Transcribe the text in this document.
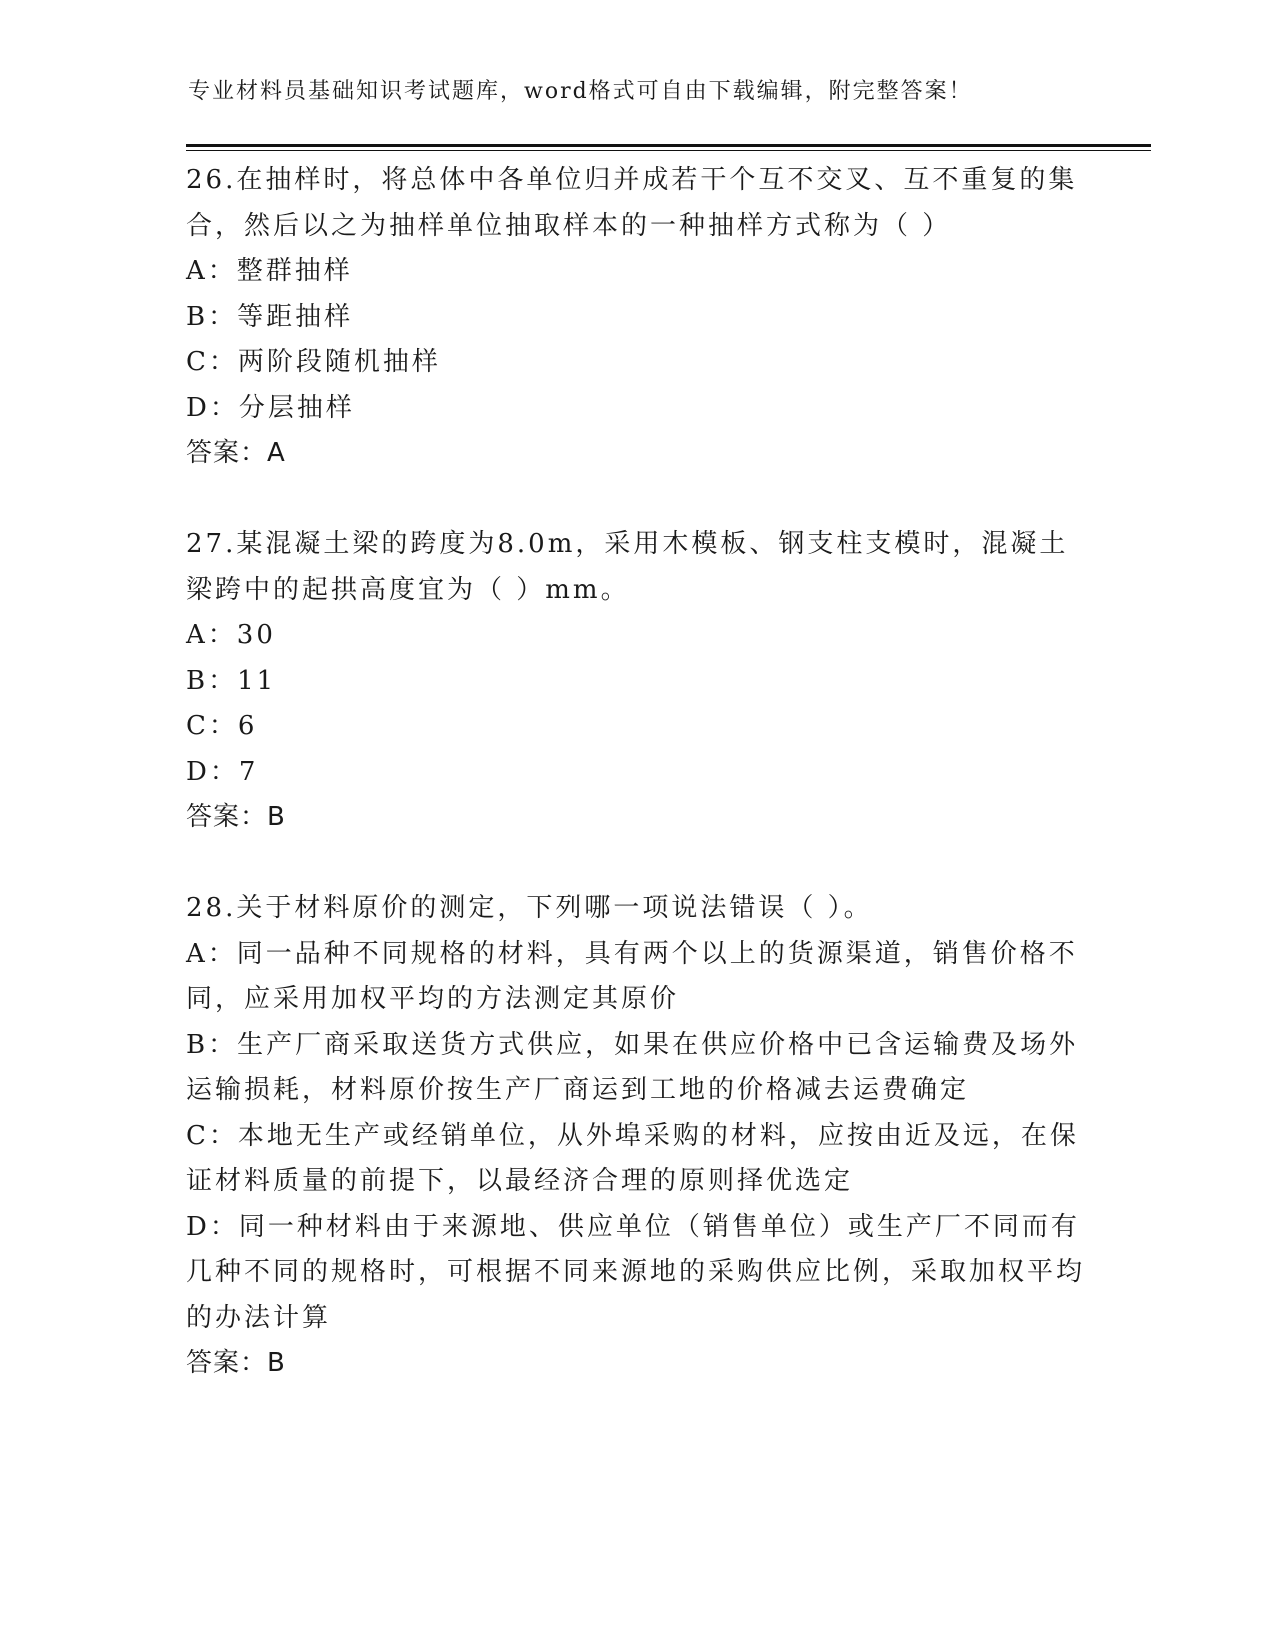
专业材料员基础知识考试题库，word格式可自由下载编辑，附完整答案！

26.在抽样时，将总体中各单位归并成若干个互不交叉、互不重复的集合，然后以之为抽样单位抽取样本的一种抽样方式称为（ ）

A：整群抽样

B：等距抽样

C：两阶段随机抽样

D：分层抽样

答案：A

27.某混凝土梁的跨度为8.0m，采用木模板、钢支柱支模时，混凝土梁跨中的起拱高度宜为（ ）mm。

A：30

B：11

C：6

D：7

答案：B

28.关于材料原价的测定，下列哪一项说法错误（ ）。

A：同一品种不同规格的材料，具有两个以上的货源渠道，销售价格不同，应采用加权平均的方法测定其原价

B：生产厂商采取送货方式供应，如果在供应价格中已含运输费及场外运输损耗，材料原价按生产厂商运到工地的价格减去运费确定

C：本地无生产或经销单位，从外埠采购的材料，应按由近及远，在保证材料质量的前提下，以最经济合理的原则择优选定

D：同一种材料由于来源地、供应单位（销售单位）或生产厂不同而有几种不同的规格时，可根据不同来源地的采购供应比例，采取加权平均的办法计算

答案：B
